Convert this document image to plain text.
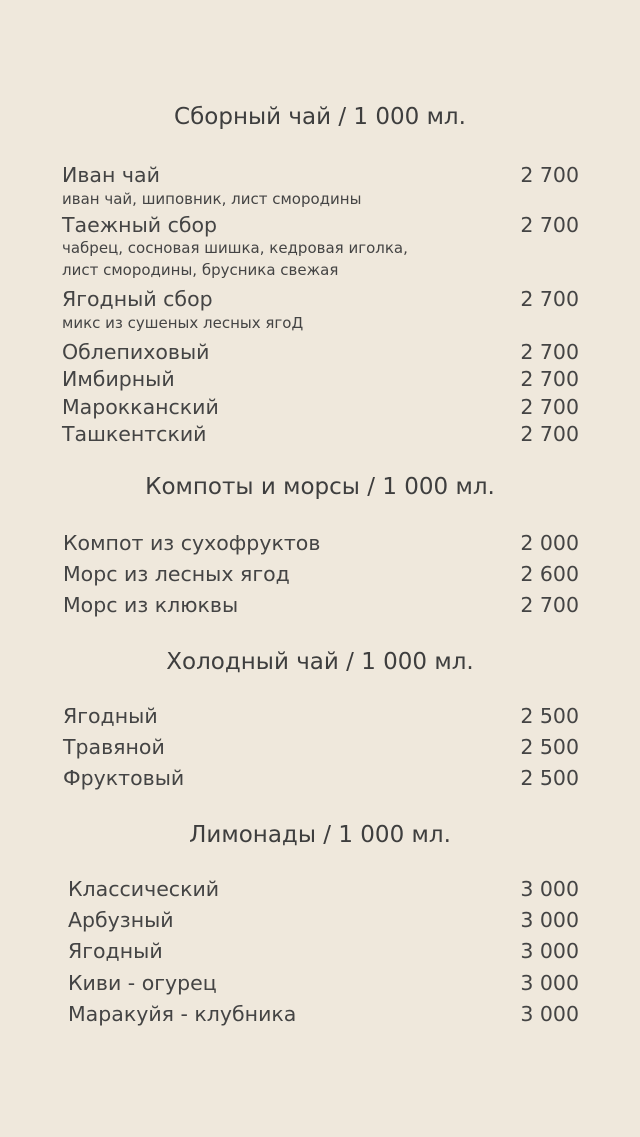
Сборный чай / 1 000 мл.
Иван чай	2 700
иван чай, шиповник, лист смородины
Таежный сбор	2 700
чабрец, сосновая шишка, кедровая иголка,
лист смородины, брусника свежая
Ягодный сбор	2 700
микс из сушеных лесных ягоД
Облепиховый	2 700
Имбирный	2 700
Марокканский	2 700
Ташкентский	2 700
Компоты и морсы / 1 000 мл.
Компот из сухофруктов	2 000
Морс из лесных ягод	2 600
Морс из клюквы	2 700
Холодный чай / 1 000 мл.
Ягодный	2 500
Травяной	2 500
Фруктовый	2 500
Лимонады / 1 000 мл.
Классический	3 000
Арбузный	3 000
Ягодный	3 000
Киви - огурец	3 000
Маракуйя - клубника	3 000
